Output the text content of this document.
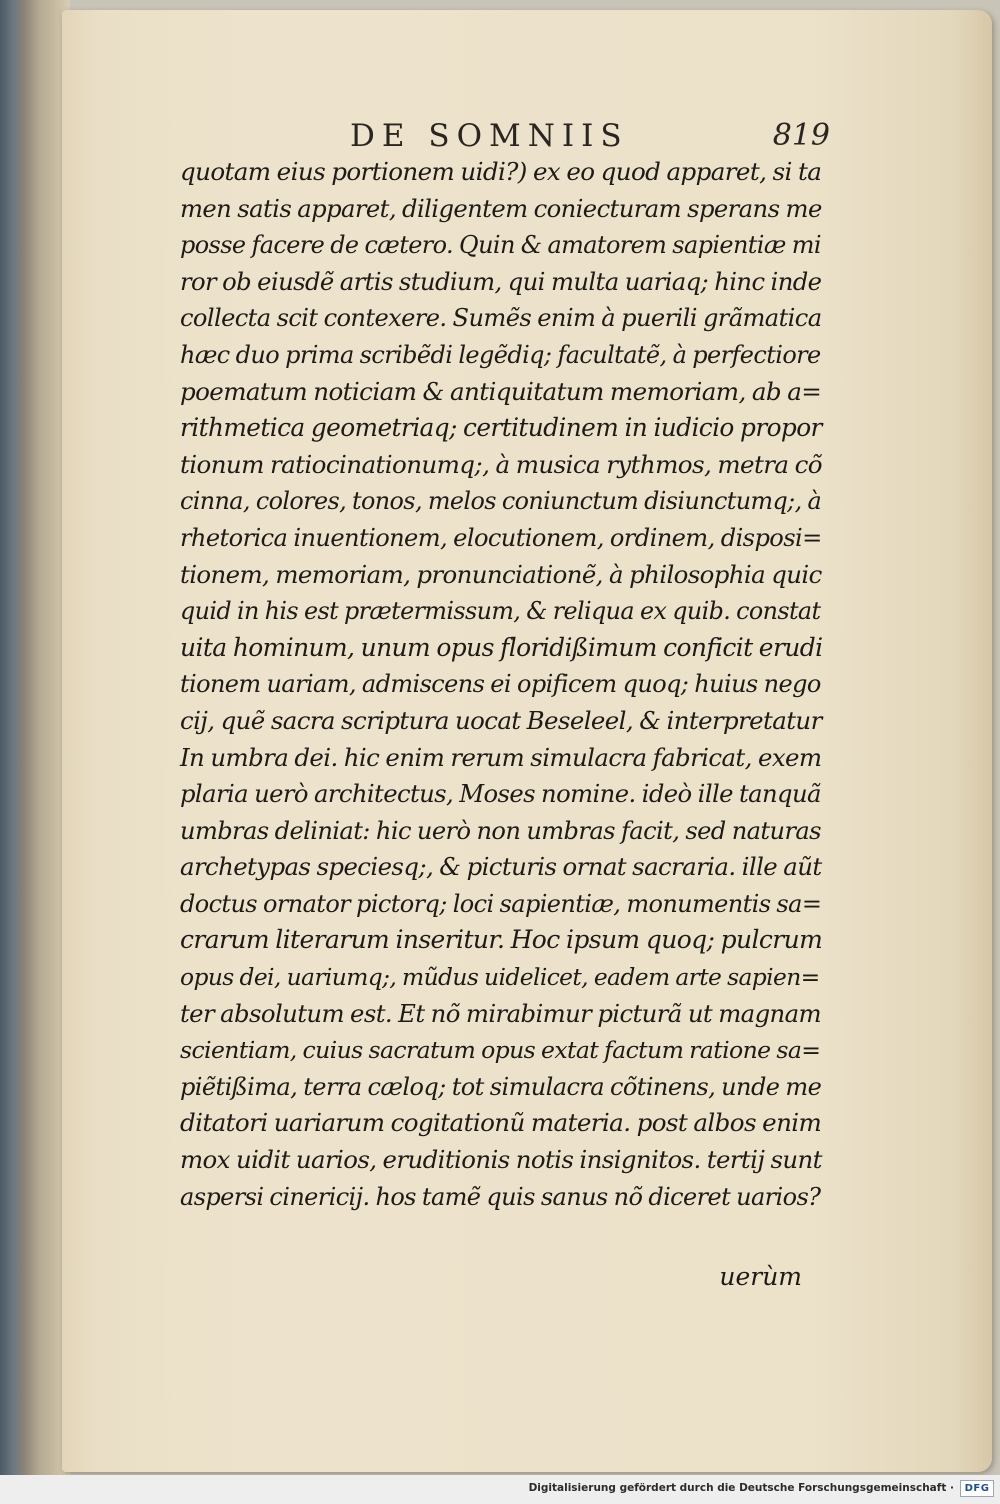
DE SOMNIIS	819
quotam eius portionem uidi?) ex eo quod apparet, si ta
men satis apparet, diligentem coniecturam sperans me
posse facere de cætero. Quin & amatorem sapientiæ mi
ror ob eiusdẽ artis studium, qui multa uariaq; hinc inde
collecta scit contexere. Sumẽs enim à puerili grãmatica
hæc duo prima scribẽdi legẽdiq; facultatẽ, à perfectiore
poematum noticiam & antiquitatum memoriam, ab a=
rithmetica geometriaq; certitudinem in iudicio propor
tionum ratiocinationumq;, à musica rythmos, metra cõ
cinna, colores, tonos, melos coniunctum disiunctumq;, à
rhetorica inuentionem, elocutionem, ordinem, disposi=
tionem, memoriam, pronunciationẽ, à philosophia quic
quid in his est prætermissum, & reliqua ex quib. constat
uita hominum, unum opus floridißimum conficit erudi
tionem uariam, admiscens ei opificem quoq; huius nego
cij, quẽ sacra scriptura uocat Beseleel, & interpretatur
In umbra dei. hic enim rerum simulacra fabricat, exem
plaria uerò architectus, Moses nomine. ideò ille tanquã
umbras deliniat: hic uerò non umbras facit, sed naturas
archetypas speciesq;, & picturis ornat sacraria. ille aũt
doctus ornator pictorq; loci sapientiæ, monumentis sa=
crarum literarum inseritur. Hoc ipsum quoq; pulcrum
opus dei, uariumq;, mũdus uidelicet, eadem arte sapien=
ter absolutum est. Et nõ mirabimur picturã ut magnam
scientiam, cuius sacratum opus extat factum ratione sa=
piẽtißima, terra cæloq; tot simulacra cõtinens, unde me
ditatori uariarum cogitationũ materia. post albos enim
mox uidit uarios, eruditionis notis insignitos. tertij sunt
aspersi cinericij. hos tamẽ quis sanus nõ diceret uarios?
uerùm
Digitalisierung gefördert durch die Deutsche Forschungsgemeinschaft ·	DFG
